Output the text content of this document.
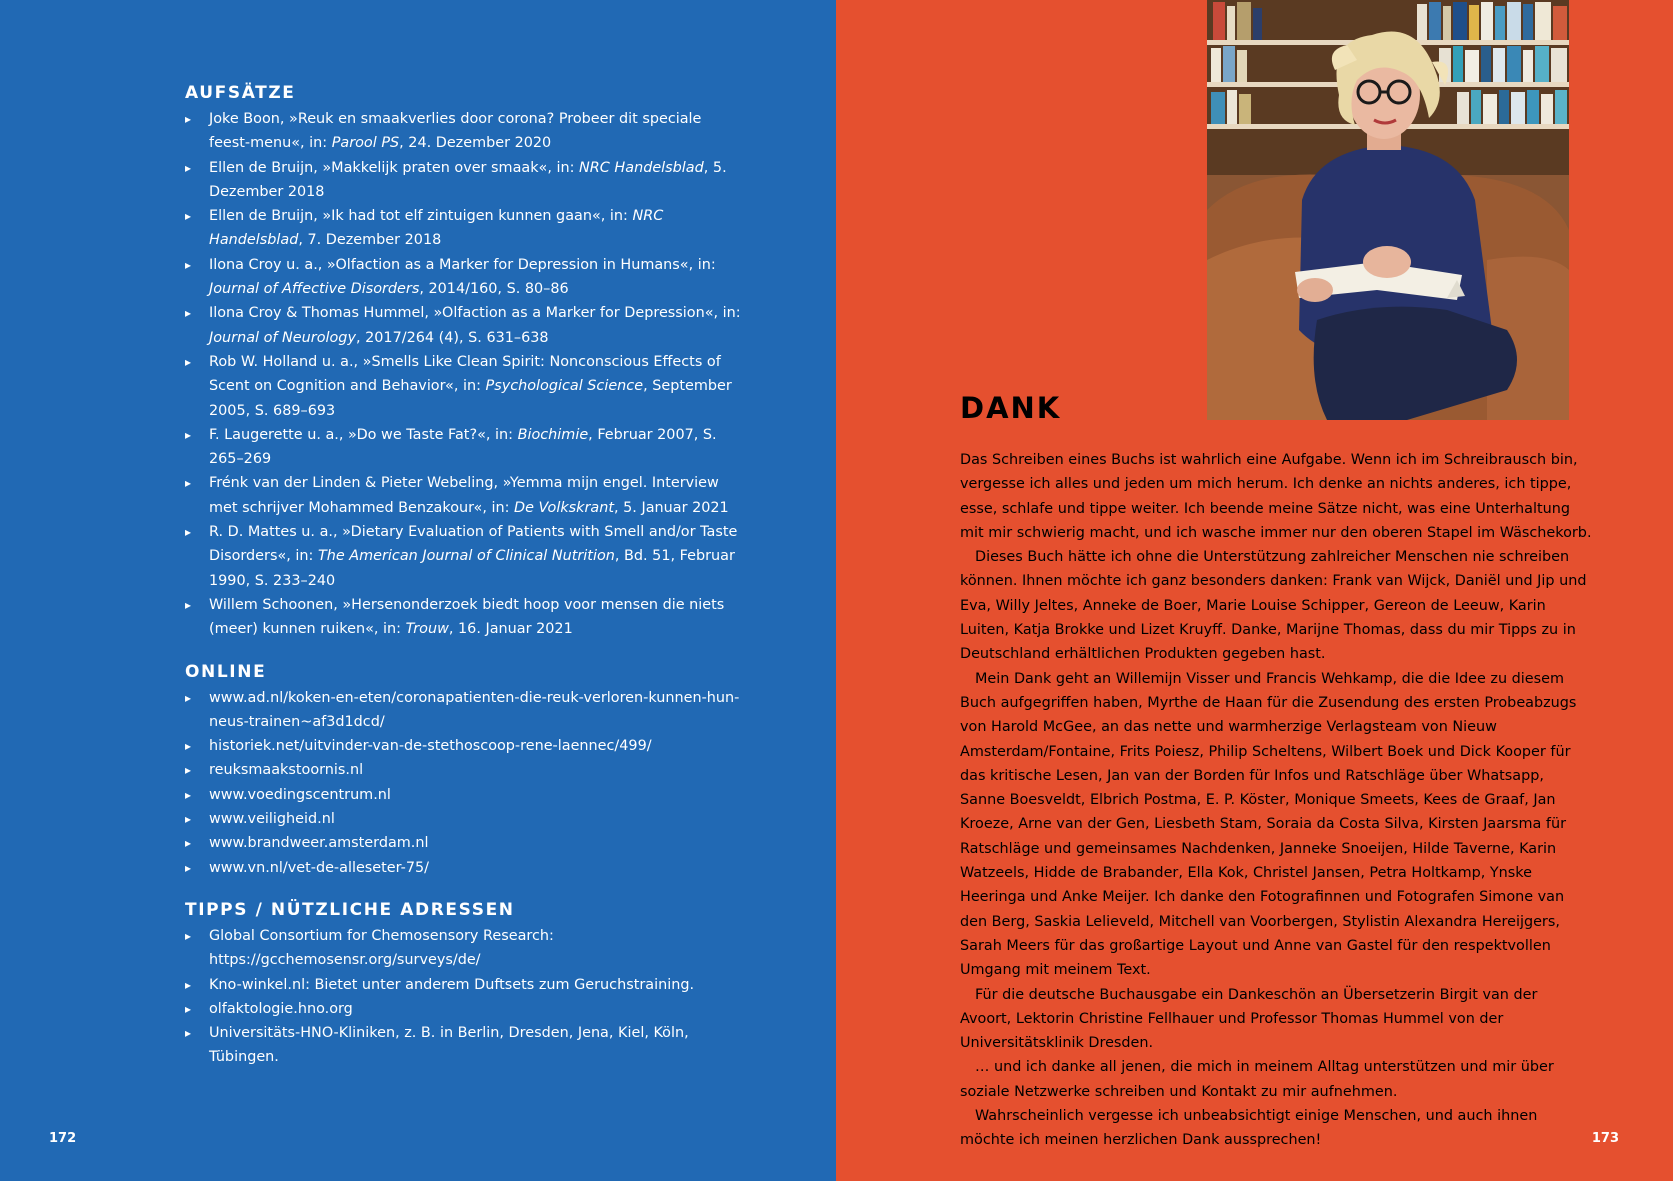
AUFSÄTZE
▸ Joke Boon, »Reuk en smaakverlies door corona? Probeer dit speciale feest-menu«, in: Parool PS, 24. Dezember 2020
▸ Ellen de Bruijn, »Makkelijk praten over smaak«, in: NRC Handelsblad, 5. Dezember 2018
▸ Ellen de Bruijn, »Ik had tot elf zintuigen kunnen gaan«, in: NRC Handelsblad, 7. Dezember 2018
▸ Ilona Croy u. a., »Olfaction as a Marker for Depression in Humans«, in: Journal of Affective Disorders, 2014/160, S. 80–86
▸ Ilona Croy & Thomas Hummel, »Olfaction as a Marker for Depression«, in: Journal of Neurology, 2017/264 (4), S. 631–638
▸ Rob W. Holland u. a., »Smells Like Clean Spirit: Nonconscious Effects of Scent on Cognition and Behavior«, in: Psychological Science, September 2005, S. 689–693
▸ F. Laugerette u. a., »Do we Taste Fat?«, in: Biochimie, Februar 2007, S. 265–269
▸ Frénk van der Linden & Pieter Webeling, »Yemma mijn engel. Interview met schrijver Mohammed Benzakour«, in: De Volkskrant, 5. Januar 2021
▸ R. D. Mattes u. a., »Dietary Evaluation of Patients with Smell and/or Taste Disorders«, in: The American Journal of Clinical Nutrition, Bd. 51, Februar 1990, S. 233–240
▸ Willem Schoonen, »Hersenonderzoek biedt hoop voor mensen die niets (meer) kunnen ruiken«, in: Trouw, 16. Januar 2021
ONLINE
▸ www.ad.nl/koken-en-eten/coronapatienten-die-reuk-verloren-kunnen-hun-neus-trainen~af3d1dcd/
▸ historiek.net/uitvinder-van-de-stethoscoop-rene-laennec/499/
▸ reuksmaakstoornis.nl
▸ www.voedingscentrum.nl
▸ www.veiligheid.nl
▸ www.brandweer.amsterdam.nl
▸ www.vn.nl/vet-de-alleseter-75/
TIPPS / NÜTZLICHE ADRESSEN
▸ Global Consortium for Chemosensory Research: https://gcchemosensr.org/surveys/de/
▸ Kno-winkel.nl: Bietet unter anderem Duftsets zum Geruchstraining.
▸ olfaktologie.hno.org
▸ Universitäts-HNO-Kliniken, z. B. in Berlin, Dresden, Jena, Kiel, Köln, Tübingen.
172	173
DANK

Das Schreiben eines Buchs ist wahrlich eine Aufgabe. Wenn ich im Schreibrausch bin, vergesse ich alles und jeden um mich herum. Ich denke an nichts anderes, ich tippe, esse, schlafe und tippe weiter. Ich beende meine Sätze nicht, was eine Unterhaltung mit mir schwierig macht, und ich wasche immer nur den oberen Stapel im Wäschekorb.

Dieses Buch hätte ich ohne die Unterstützung zahlreicher Menschen nie schreiben können. Ihnen möchte ich ganz besonders danken: Frank van Wijck, Daniël und Jip und Eva, Willy Jeltes, Anneke de Boer, Marie Louise Schipper, Gereon de Leeuw, Karin Luiten, Katja Brokke und Lizet Kruyff. Danke, Marijne Thomas, dass du mir Tipps zu in Deutschland erhältlichen Produkten gegeben hast.

Mein Dank geht an Willemijn Visser und Francis Wehkamp, die die Idee zu diesem Buch aufgegriffen haben, Myrthe de Haan für die Zusendung des ersten Probeabzugs von Harold McGee, an das nette und warmherzige Verlagsteam von Nieuw Amsterdam/Fontaine, Frits Poiesz, Philip Scheltens, Wilbert Boek und Dick Kooper für das kritische Lesen, Jan van der Borden für Infos und Ratschläge über Whatsapp, Sanne Boesveldt, Elbrich Postma, E. P. Köster, Monique Smeets, Kees de Graaf, Jan Kroeze, Arne van der Gen, Liesbeth Stam, Soraia da Costa Silva, Kirsten Jaarsma für Ratschläge und gemeinsames Nachdenken, Janneke Snoeijen, Hilde Taverne, Karin Watzeels, Hidde de Brabander, Ella Kok, Christel Jansen, Petra Holtkamp, Ynske Heeringa und Anke Meijer. Ich danke den Fotografinnen und Fotografen Simone van den Berg, Saskia Lelieveld, Mitchell van Voorbergen, Stylistin Alexandra Hereijgers, Sarah Meers für das großartige Layout und Anne van Gastel für den respektvollen Umgang mit meinem Text.

Für die deutsche Buchausgabe ein Dankeschön an Übersetzerin Birgit van der Avoort, Lektorin Christine Fellhauer und Professor Thomas Hummel von der Universitätsklinik Dresden.

… und ich danke all jenen, die mich in meinem Alltag unterstützen und mir über soziale Netzwerke schreiben und Kontakt zu mir aufnehmen.

Wahrscheinlich vergesse ich unbeabsichtigt einige Menschen, und auch ihnen möchte ich meinen herzlichen Dank aussprechen!
